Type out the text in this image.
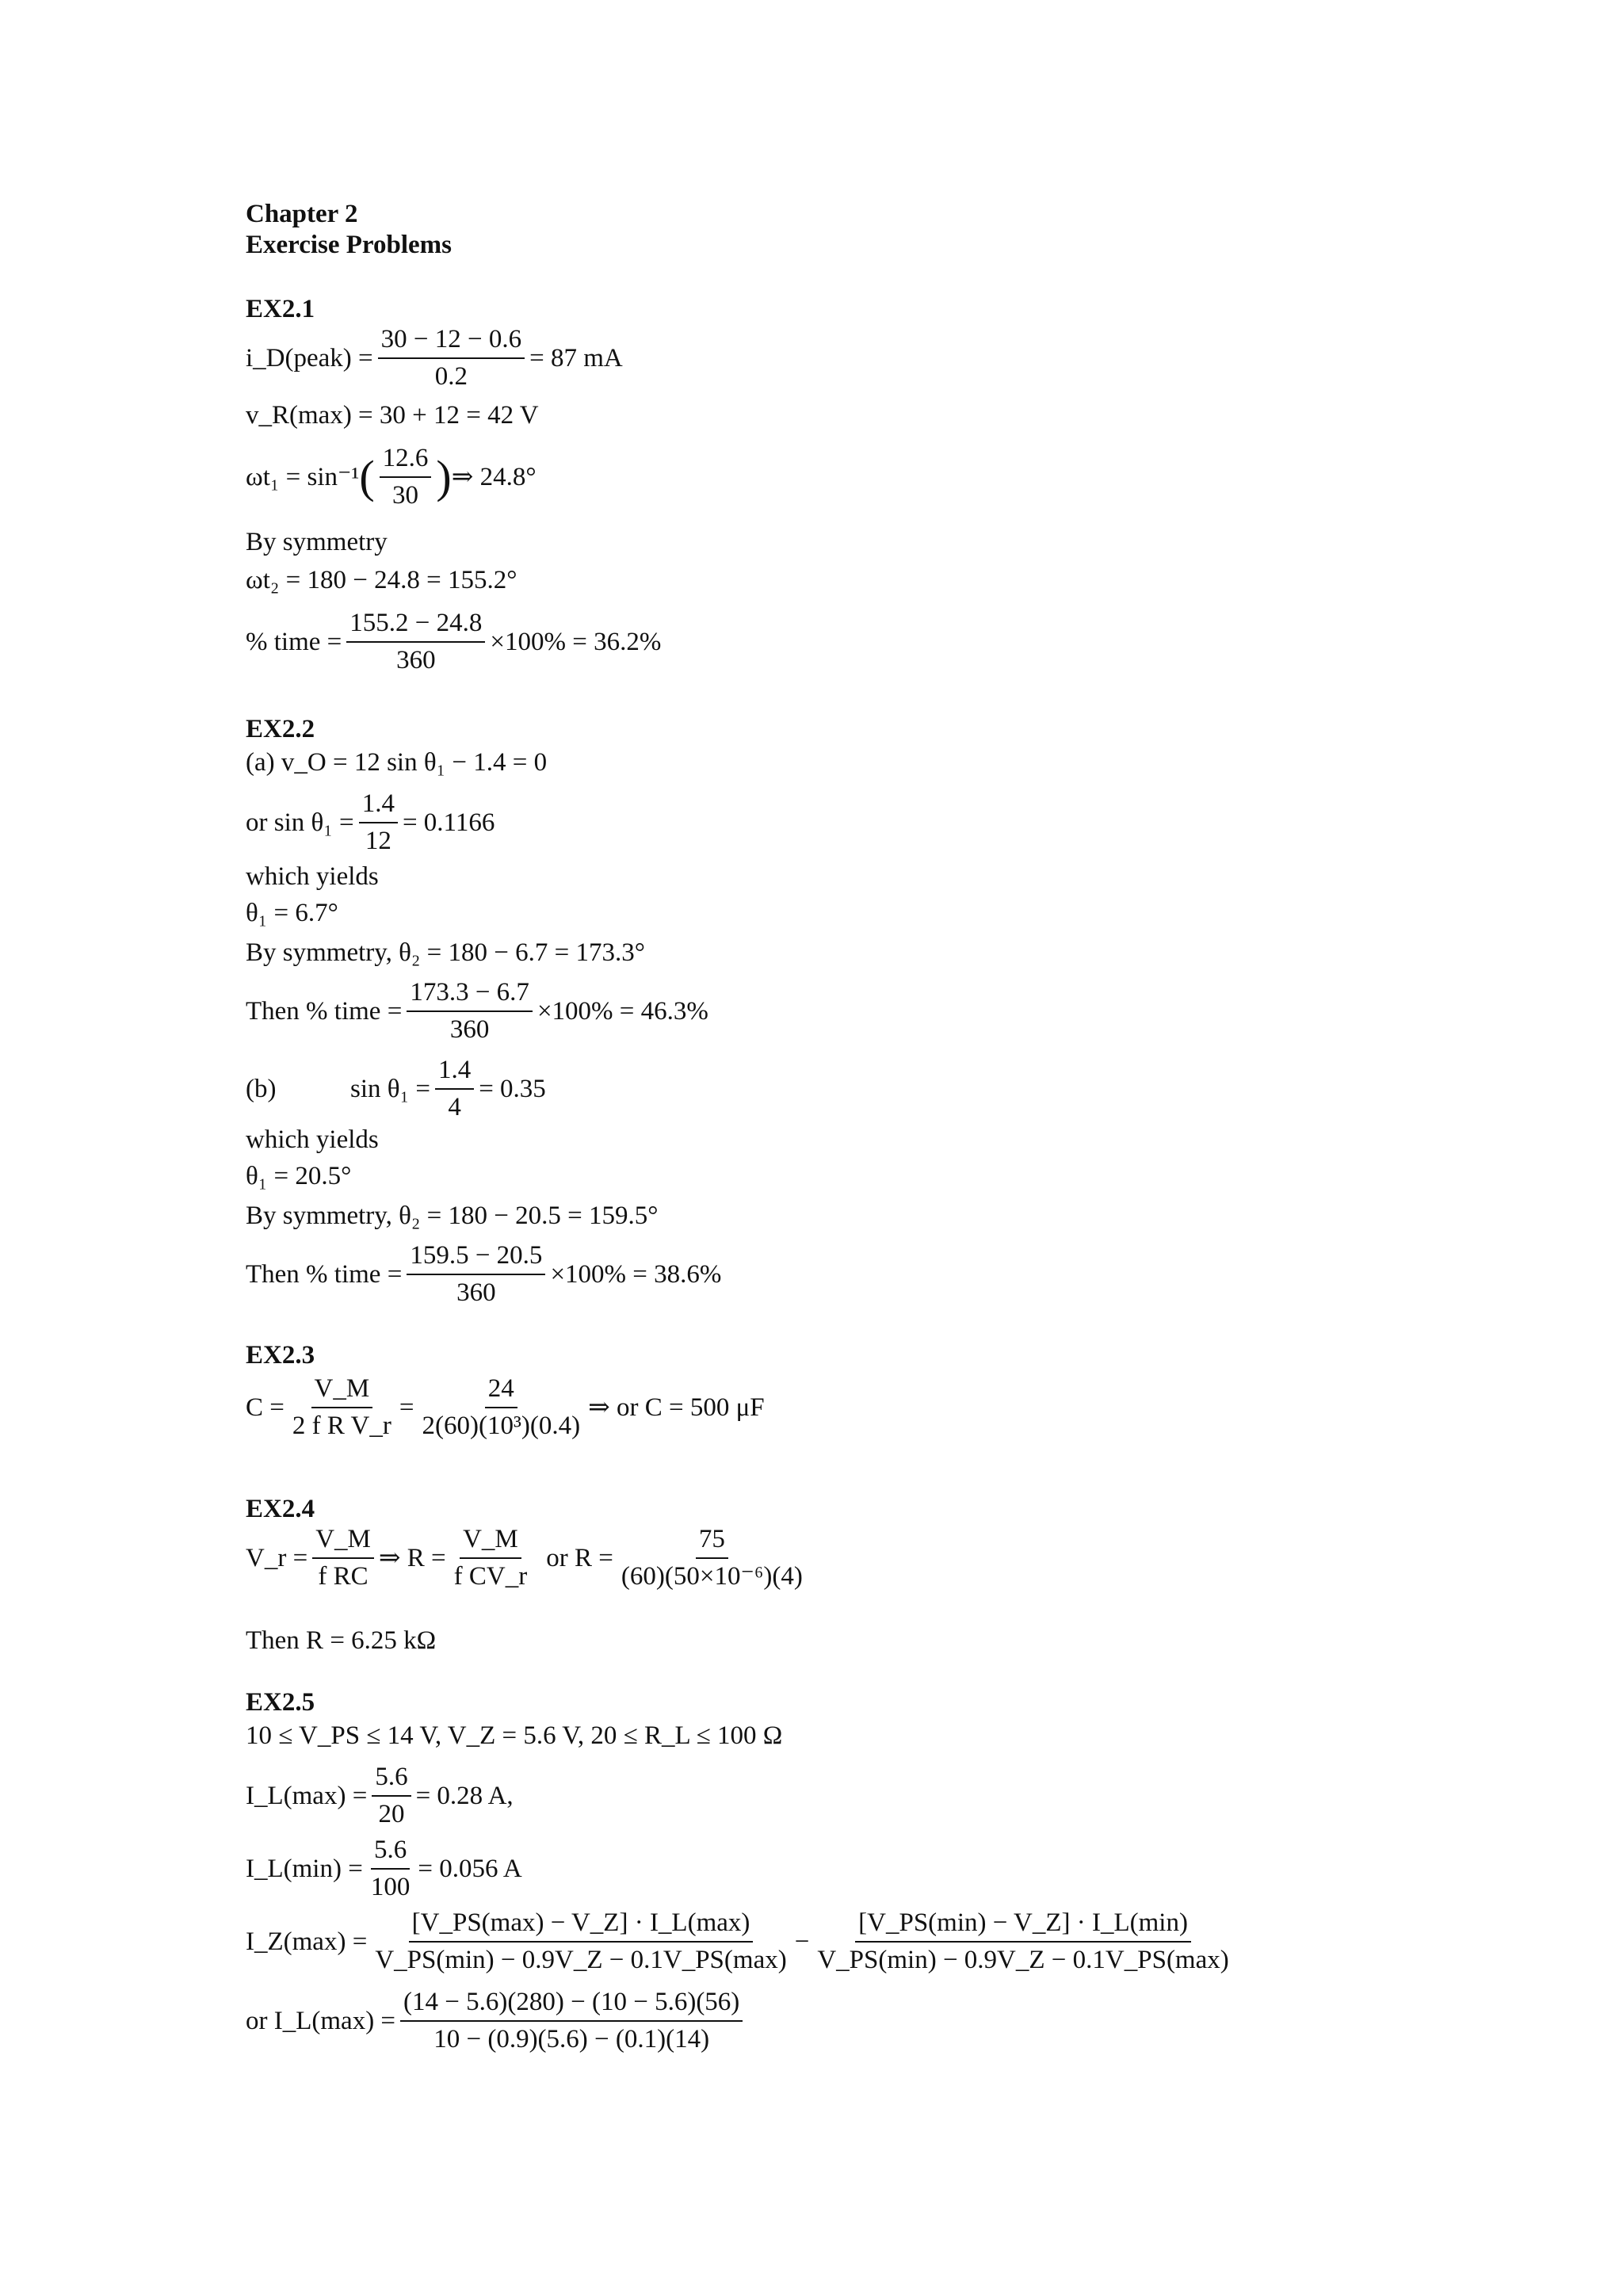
Chapter 2
Exercise Problems
EX2.1
i_D(peak) = $\frac{30 - 12 - 0.6}{0.2} = 87$ mA
v_R(max) = 30 + 12 = 42 V
ωt₁ = sin⁻¹ ( $\frac{12.6}{30}$ ) ⇒ 24.8°
By symmetry
ωt₂ = 180 − 24.8 = 155.2°
% time = $\frac{155.2 - 24.8}{360} \times 100\% = 36.2\%$
EX2.2
(a) v_O = 12 sin θ₁ − 1.4 = 0
or $\sin \theta_1 = \frac{1.4}{12} = 0.1166$
which yields
θ₁ = 6.7°
By symmetry, θ₂ = 180 − 6.7 = 173.3°
Then % time = $\frac{173.3 - 6.7}{360} \times 100\% = 46.3\%$
(b)	$\sin \theta_1 = \frac{1.4}{4} = 0.35$
which yields
θ₁ = 20.5°
By symmetry, θ₂ = 180 − 20.5 = 159.5°
Then % time = $\frac{159.5 - 20.5}{360} \times 100\% = 38.6\%$
EX2.3
$C = \frac{V\_M}{\text{2 f R V\_r}} = \frac{24}{\text{2(60)(10³)(0.4)}}$ ⇒ or C = 500 μF
EX2.4
V_r = $\frac{V\_M}{\text{f RC}}$ ⇒ $R = \frac{V\_M}{\text{f CV\_r}}$ or $R = \frac{75}{\text{(60)(50×10⁻⁶)(4)}}$
Then R = 6.25 kΩ
EX2.5
10 ≤ V_PS ≤ 14 V, V_Z = 5.6 V, 20 ≤ R_L ≤ 100 Ω
I_L(max) = $\frac{5.6}{20} = 0.28$ A,
I_L(min) = $\frac{5.6}{100} = 0.056$ A
I_Z(max) =
[V_PS(max) − V_Z] · I_L(max)
V_PS(min) − 0.9V_Z − 0.1V_PS(max)
−
[V_PS(min) − V_Z] · I_L(min)
V_PS(min) − 0.9V_Z − 0.1V_PS(max)
or I_L(max) = $\frac{(14 - 5.6)(280) - (10 - 5.6)(56)}{10 - (0.9)(5.6) - (0.1)(14)}$
